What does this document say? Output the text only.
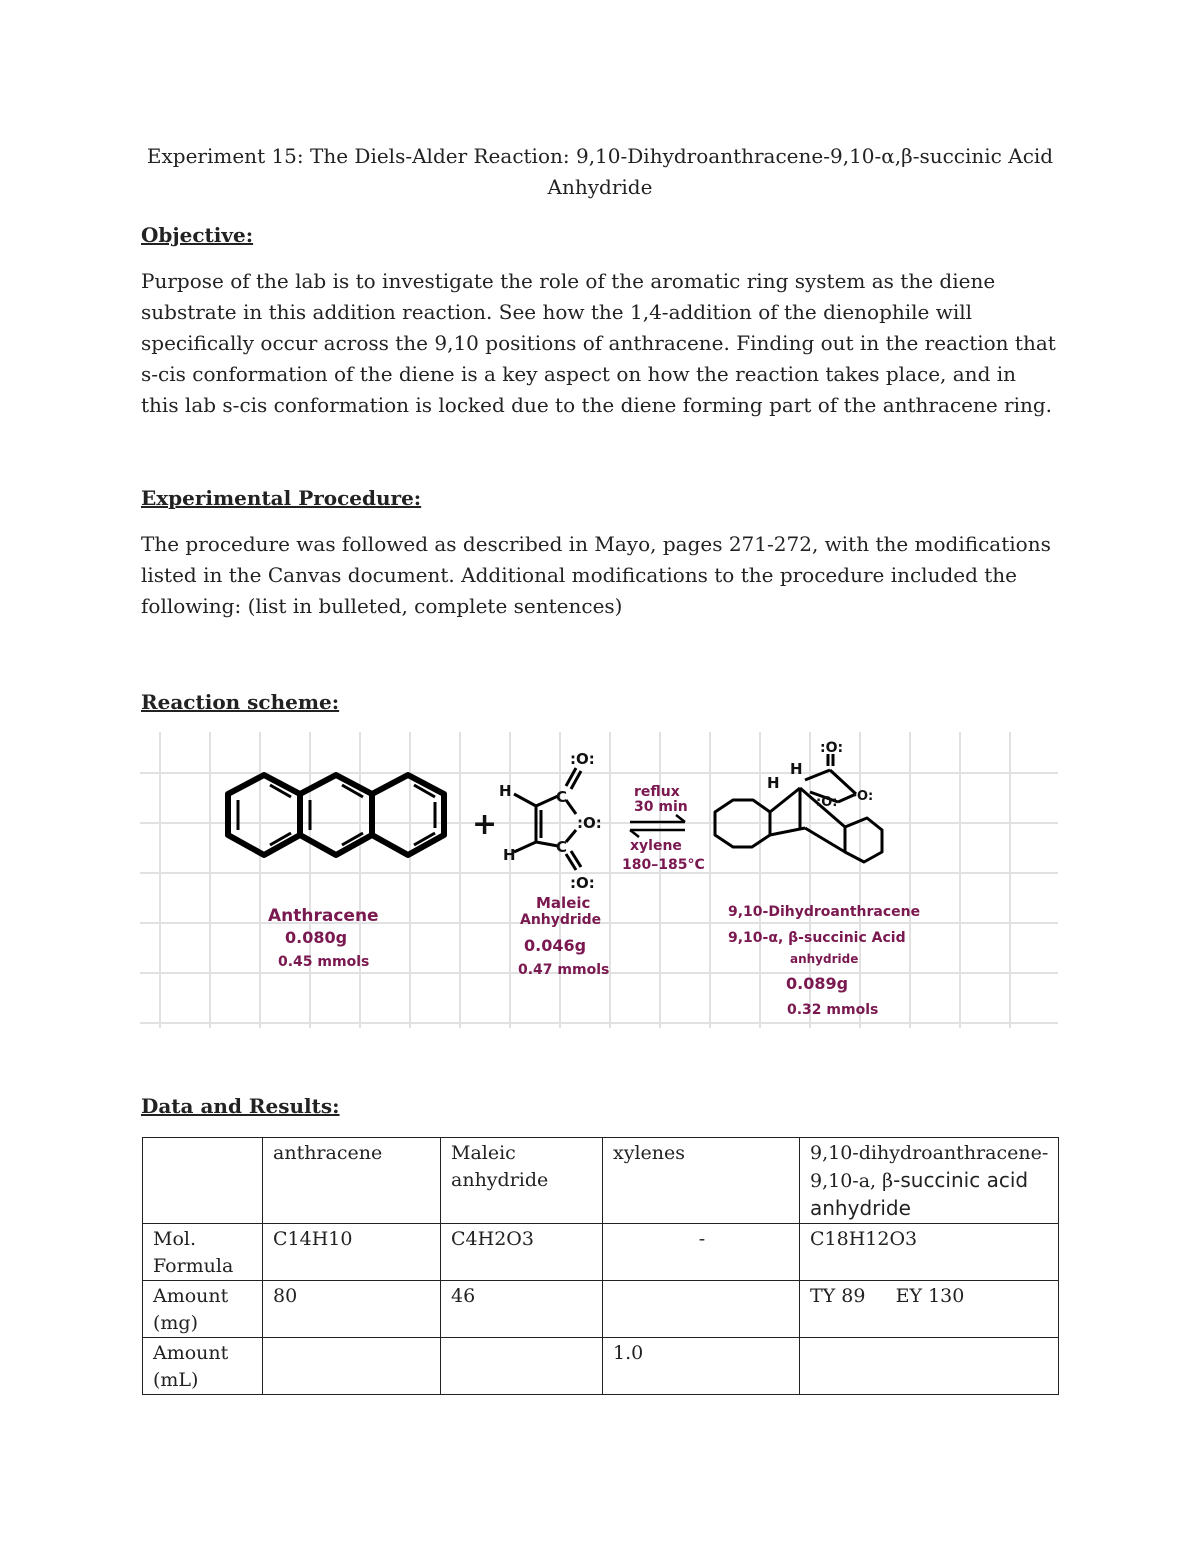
Experiment 15: The Diels-Alder Reaction: 9,10-Dihydroanthracene-9,10-α,β-succinic Acid
Anhydride
Objective:
Purpose of the lab is to investigate the role of the aromatic ring system as the diene substrate in this addition reaction. See how the 1,4-addition of the dienophile will specifically occur across the 9,10 positions of anthracene. Finding out in the reaction that s-cis conformation of the diene is a key aspect on how the reaction takes place, and in this lab s-cis conformation is locked due to the diene forming part of the anthracene ring.
Experimental Procedure:
The procedure was followed as described in Mayo, pages 271-272, with the modifications listed in the Canvas document. Additional modifications to the procedure included the following: (list in bulleted, complete sentences)
Reaction scheme:
+
H
H
C
C
:O:
:O:
:O:
reflux
30 min
xylene
180–185°C
H
H
:O:
:O: ·O:
Anthracene
0.080g
0.45 mmols
Maleic
Anhydride
0.046g
0.47 mmols
9,10-Dihydroanthracene
9,10-α, β-succinic Acid
anhydride
0.089g
0.32 mmols
Data and Results:
	anthracene	Maleic anhydride	xylenes	9,10-dihydroanthracene-9,10-a, β-succinic acid anhydride
Mol. Formula	C14H10	C4H2O3	-	C18H12O3
Amount (mg)	80	46		TY 89     EY 130
Amount (mL)			1.0	
